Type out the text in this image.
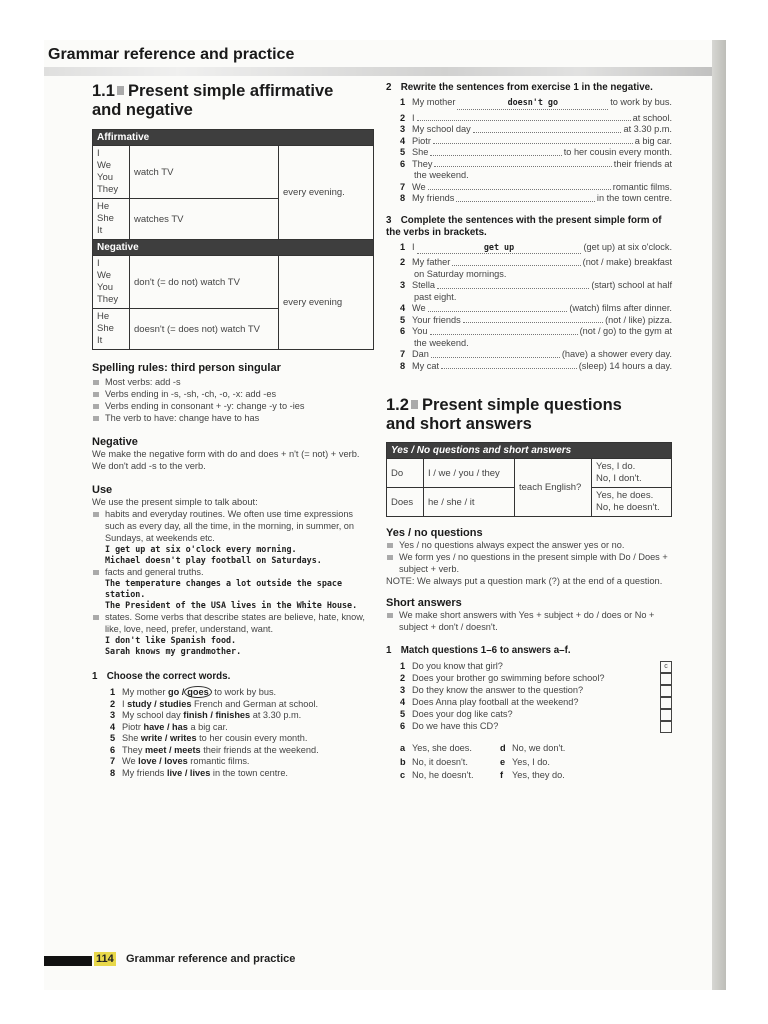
Grammar reference and practice
1.1 Present simple affirmative
and negative
Affirmative		
I
We
You
They	watch TV	every evening.
He
She
It	watches TV	
Negative		
I
We
You
They	don't (= do not) watch TV	every evening
He
She
It	doesn't (= does not) watch TV	
Spelling rules: third person singular
Most verbs: add -s
Verbs ending in -s, -sh, -ch, -o, -x: add -es
Verbs ending in consonant + -y: change -y to -ies
The verb to have: change have to has
Negative

We make the negative form with do and does + n't (= not) + verb. We don't add -s to the verb.

Use

We use the present simple to talk about:

habits and everyday routines. We often use time expressions such as every day, all the time, in the morning, in summer, on Sundays, at weekends etc.
I get up at six o'clock every morning.
Michael doesn't play football on Saturdays.
facts and general truths.
The temperature changes a lot outside the space station.
The President of the USA lives in the White House.
states. Some verbs that describe states are believe, hate, know, like, love, need, prefer, understand, want.
I don't like Spanish food.
Sarah knows my grandmother.
1 Choose the correct words.
1 My mother go / goes to work by bus.
2 I study / studies French and German at school.
3 My school day finish / finishes at 3.30 p.m.
4 Piotr have / has a big car.
5 She write / writes to her cousin every month.
6 They meet / meets their friends at the weekend.
7 We love / loves romantic films.
8 My friends live / lives in the town centre.
2 Rewrite the sentences from exercise 1 in the negative.
1 My mother	doesn't go	to work by bus.
2 I	at school.
3 My school day	at 3.30 p.m.
4 Piotr	a big car.
5 She	to her cousin every month.
6 They	their friends at
the weekend.
7 We	romantic films.
8 My friends	in the town centre.
3 Complete the sentences with the present simple form of the verbs in brackets.
1 I	get up	(get up) at six o'clock.
2 My father	(not / make) breakfast
on Saturday mornings.
3 Stella	(start) school at half
past eight.
4 We	(watch) films after dinner.
5 Your friends	(not / like) pizza.
6 You	(not / go) to the gym at
the weekend.
7 Dan	(have) a shower every day.
8 My cat	(sleep) 14 hours a day.
1.2 Present simple questions
and short answers
Yes / No questions and short answers			
Do	I / we / you / they	teach English?	Yes, I do.
No, I don't.
Does	he / she / it		Yes, he does.
No, he doesn't.
Yes / no questions
Yes / no questions always expect the answer yes or no.
We form yes / no questions in the present simple with Do / Does + subject + verb.

NOTE: We always put a question mark (?) at the end of a question.

Short answers
We make short answers with Yes + subject + do / does or No + subject + don't / doesn't.
1 Match questions 1–6 to answers a–f.
1 Do you know that girl?	c
2 Does your brother go swimming before school?
3 Do they know the answer to the question?
4 Does Anna play football at the weekend?
5 Does your dog like cats?
6 Do we have this CD?
a Yes, she does.	d No, we don't.
b No, it doesn't.	e Yes, I do.
c No, he doesn't.	f Yes, they do.
114 Grammar reference and practice
